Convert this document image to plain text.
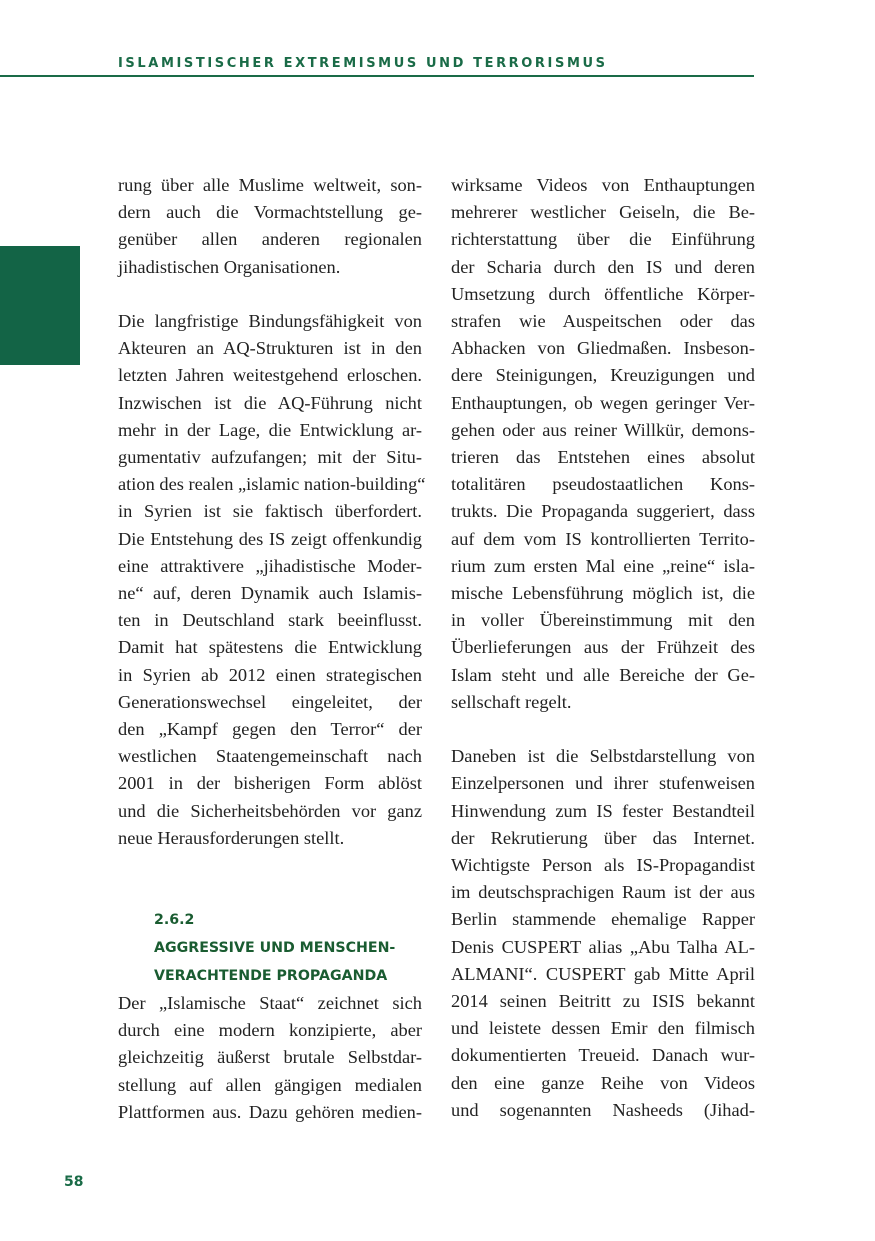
ISLAMISTISCHER EXTREMISMUS UND TERRORISMUS

rung über alle Muslime weltweit, son-
dern auch die Vormachtstellung ge-
genüber allen anderen regionalen
jihadistischen Organisationen.

Die langfristige Bindungsfähigkeit von
Akteuren an AQ-Strukturen ist in den
letzten Jahren weitestgehend erloschen.
Inzwischen ist die AQ-Führung nicht
mehr in der Lage, die Entwicklung ar-
gumentativ aufzufangen; mit der Situ-
ation des realen „islamic nation-building“
in Syrien ist sie faktisch überfordert.
Die Entstehung des IS zeigt offenkundig
eine attraktivere „jihadistische Moder-
ne“ auf, deren Dynamik auch Islamis-
ten in Deutschland stark beeinflusst.
Damit hat spätestens die Entwicklung
in Syrien ab 2012 einen strategischen
Generationswechsel eingeleitet, der
den „Kampf gegen den Terror“ der
westlichen Staatengemeinschaft nach
2001 in der bisherigen Form ablöst
und die Sicherheitsbehörden vor ganz
neue Herausforderungen stellt.

2.6.2
AGGRESSIVE UND MENSCHEN-
VERACHTENDE PROPAGANDA

Der „Islamische Staat“ zeichnet sich
durch eine modern konzipierte, aber
gleichzeitig äußerst brutale Selbstdar-
stellung auf allen gängigen medialen
Plattformen aus. Dazu gehören medien-

wirksame Videos von Enthauptungen
mehrerer westlicher Geiseln, die Be-
richterstattung über die Einführung
der Scharia durch den IS und deren
Umsetzung durch öffentliche Körper-
strafen wie Auspeitschen oder das
Abhacken von Gliedmaßen. Insbeson-
dere Steinigungen, Kreuzigungen und
Enthauptungen, ob wegen geringer Ver-
gehen oder aus reiner Willkür, demons-
trieren das Entstehen eines absolut
totalitären pseudostaatlichen Kons-
trukts. Die Propaganda suggeriert, dass
auf dem vom IS kontrollierten Territo-
rium zum ersten Mal eine „reine“ isla-
mische Lebensführung möglich ist, die
in voller Übereinstimmung mit den
Überlieferungen aus der Frühzeit des
Islam steht und alle Bereiche der Ge-
sellschaft regelt.

Daneben ist die Selbstdarstellung von
Einzelpersonen und ihrer stufenweisen
Hinwendung zum IS fester Bestandteil
der Rekrutierung über das Internet.
Wichtigste Person als IS-Propagandist
im deutschsprachigen Raum ist der aus
Berlin stammende ehemalige Rapper
Denis CUSPERT alias „Abu Talha AL-
ALMANI“. CUSPERT gab Mitte April
2014 seinen Beitritt zu ISIS bekannt
und leistete dessen Emir den filmisch
dokumentierten Treueid. Danach wur-
den eine ganze Reihe von Videos
und sogenannten Nasheeds (Jihad-

58
